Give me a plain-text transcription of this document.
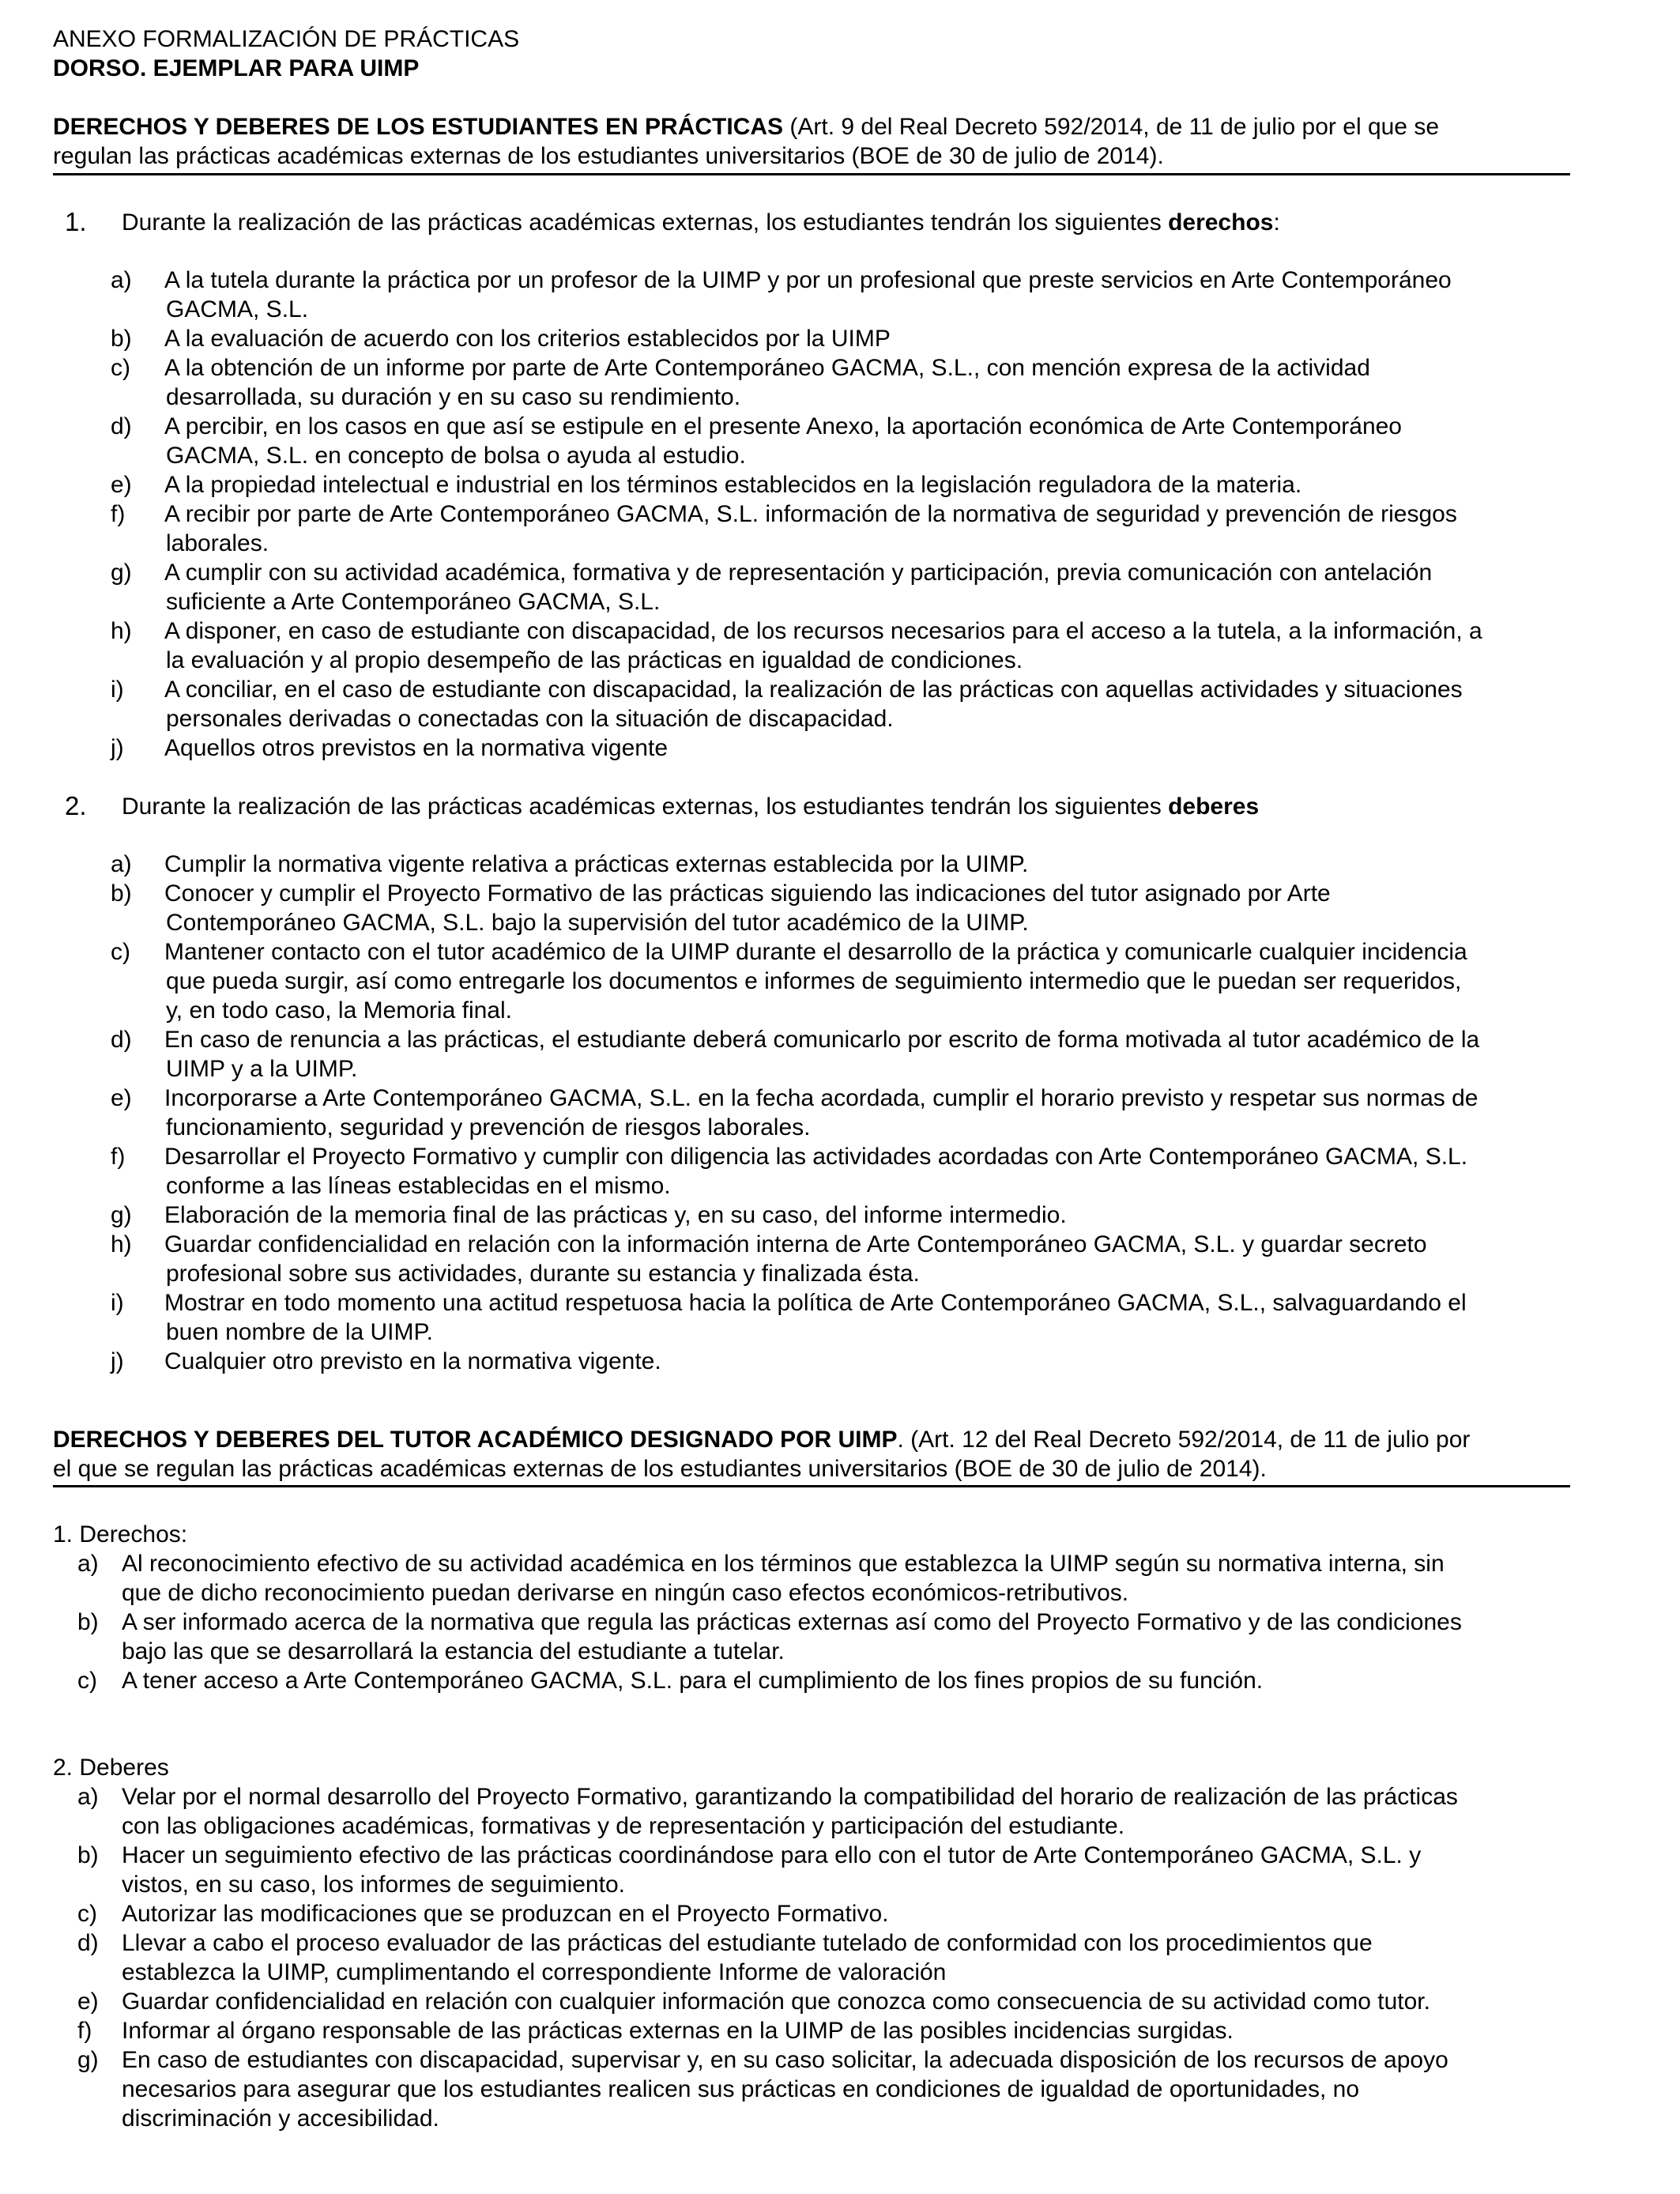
ANEXO FORMALIZACIÓN DE PRÁCTICAS
DORSO. EJEMPLAR PARA UIMP
DERECHOS Y DEBERES DE LOS ESTUDIANTES EN PRÁCTICAS (Art. 9 del Real Decreto 592/2014, de 11 de julio por el que se
regulan las prácticas académicas externas de los estudiantes universitarios (BOE de 30 de julio de 2014).
1. Durante la realización de las prácticas académicas externas, los estudiantes tendrán los siguientes derechos:
a) A la tutela durante la práctica por un profesor de la UIMP y por un profesional que preste servicios en Arte Contemporáneo
GACMA, S.L.
b) A la evaluación de acuerdo con los criterios establecidos por la UIMP
c) A la obtención de un informe por parte de Arte Contemporáneo GACMA, S.L., con mención expresa de la actividad
desarrollada, su duración y en su caso su rendimiento.
d) A percibir, en los casos en que así se estipule en el presente Anexo, la aportación económica de Arte Contemporáneo
GACMA, S.L. en concepto de bolsa o ayuda al estudio.
e) A la propiedad intelectual e industrial en los términos establecidos en la legislación reguladora de la materia.
f) A recibir por parte de Arte Contemporáneo GACMA, S.L. información de la normativa de seguridad y prevención de riesgos
laborales.
g) A cumplir con su actividad académica, formativa y de representación y participación, previa comunicación con antelación
suficiente a Arte Contemporáneo GACMA, S.L.
h) A disponer, en caso de estudiante con discapacidad, de los recursos necesarios para el acceso a la tutela, a la información, a
la evaluación y al propio desempeño de las prácticas en igualdad de condiciones.
i) A conciliar, en el caso de estudiante con discapacidad, la realización de las prácticas con aquellas actividades y situaciones
personales derivadas o conectadas con la situación de discapacidad.
j) Aquellos otros previstos en la normativa vigente
2. Durante la realización de las prácticas académicas externas, los estudiantes tendrán los siguientes deberes
a) Cumplir la normativa vigente relativa a prácticas externas establecida por la UIMP.
b) Conocer y cumplir el Proyecto Formativo de las prácticas siguiendo las indicaciones del tutor asignado por Arte
Contemporáneo GACMA, S.L. bajo la supervisión del tutor académico de la UIMP.
c) Mantener contacto con el tutor académico de la UIMP durante el desarrollo de la práctica y comunicarle cualquier incidencia
que pueda surgir, así como entregarle los documentos e informes de seguimiento intermedio que le puedan ser requeridos,
y, en todo caso, la Memoria final.
d) En caso de renuncia a las prácticas, el estudiante deberá comunicarlo por escrito de forma motivada al tutor académico de la
UIMP y a la UIMP.
e) Incorporarse a Arte Contemporáneo GACMA, S.L. en la fecha acordada, cumplir el horario previsto y respetar sus normas de
funcionamiento, seguridad y prevención de riesgos laborales.
f) Desarrollar el Proyecto Formativo y cumplir con diligencia las actividades acordadas con Arte Contemporáneo GACMA, S.L.
conforme a las líneas establecidas en el mismo.
g) Elaboración de la memoria final de las prácticas y, en su caso, del informe intermedio.
h) Guardar confidencialidad en relación con la información interna de Arte Contemporáneo GACMA, S.L. y guardar secreto
profesional sobre sus actividades, durante su estancia y finalizada ésta.
i) Mostrar en todo momento una actitud respetuosa hacia la política de Arte Contemporáneo GACMA, S.L., salvaguardando el
buen nombre de la UIMP.
j) Cualquier otro previsto en la normativa vigente.
DERECHOS Y DEBERES DEL TUTOR ACADÉMICO DESIGNADO POR UIMP. (Art. 12 del Real Decreto 592/2014, de 11 de julio por
el que se regulan las prácticas académicas externas de los estudiantes universitarios (BOE de 30 de julio de 2014).
1. Derechos:
a) Al reconocimiento efectivo de su actividad académica en los términos que establezca la UIMP según su normativa interna, sin
que de dicho reconocimiento puedan derivarse en ningún caso efectos económicos-retributivos.
b) A ser informado acerca de la normativa que regula las prácticas externas así como del Proyecto Formativo y de las condiciones
bajo las que se desarrollará la estancia del estudiante a tutelar.
c) A tener acceso a Arte Contemporáneo GACMA, S.L. para el cumplimiento de los fines propios de su función.
2. Deberes
a) Velar por el normal desarrollo del Proyecto Formativo, garantizando la compatibilidad del horario de realización de las prácticas
con las obligaciones académicas, formativas y de representación y participación del estudiante.
b) Hacer un seguimiento efectivo de las prácticas coordinándose para ello con el tutor de Arte Contemporáneo GACMA, S.L. y
vistos, en su caso, los informes de seguimiento.
c) Autorizar las modificaciones que se produzcan en el Proyecto Formativo.
d) Llevar a cabo el proceso evaluador de las prácticas del estudiante tutelado de conformidad con los procedimientos que
establezca la UIMP, cumplimentando el correspondiente Informe de valoración
e) Guardar confidencialidad en relación con cualquier información que conozca como consecuencia de su actividad como tutor.
f) Informar al órgano responsable de las prácticas externas en la UIMP de las posibles incidencias surgidas.
g) En caso de estudiantes con discapacidad, supervisar y, en su caso solicitar, la adecuada disposición de los recursos de apoyo
necesarios para asegurar que los estudiantes realicen sus prácticas en condiciones de igualdad de oportunidades, no
discriminación y accesibilidad.
